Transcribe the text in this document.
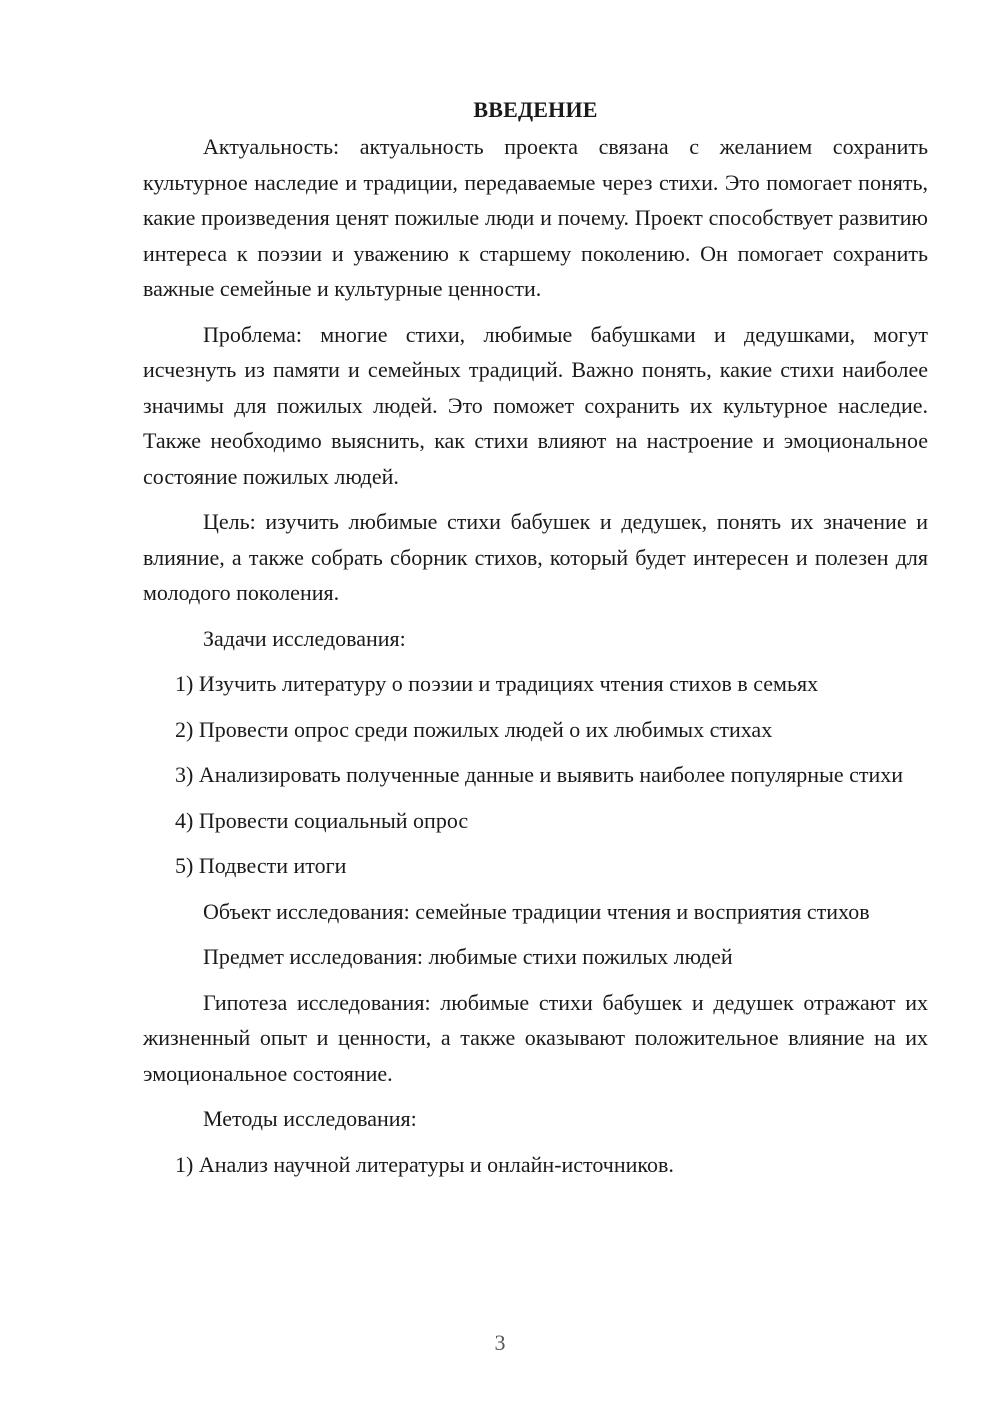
ВВЕДЕНИЕ

Актуальность: актуальность проекта связана с желанием сохранить культурное наследие и традиции, передаваемые через стихи. Это помогает понять, какие произведения ценят пожилые люди и почему. Проект способствует развитию интереса к поэзии и уважению к старшему поколению. Он помогает сохранить важные семейные и культурные ценности.

Проблема: многие стихи, любимые бабушками и дедушками, могут исчезнуть из памяти и семейных традиций. Важно понять, какие стихи наиболее значимы для пожилых людей. Это поможет сохранить их культурное наследие. Также необходимо выяснить, как стихи влияют на настроение и эмоциональное состояние пожилых людей.

Цель: изучить любимые стихи бабушек и дедушек, понять их значение и влияние, а также собрать сборник стихов, который будет интересен и полезен для молодого поколения.

Задачи исследования:

1) Изучить литературу о поэзии и традициях чтения стихов в семьях

2) Провести опрос среди пожилых людей о их любимых стихах

3) Анализировать полученные данные и выявить наиболее популярные стихи

4) Провести социальный опрос

5) Подвести итоги

Объект исследования: семейные традиции чтения и восприятия стихов

Предмет исследования: любимые стихи пожилых людей

Гипотеза исследования: любимые стихи бабушек и дедушек отражают их жизненный опыт и ценности, а также оказывают положительное влияние на их эмоциональное состояние.

Методы исследования:

1) Анализ научной литературы и онлайн-источников.

3
